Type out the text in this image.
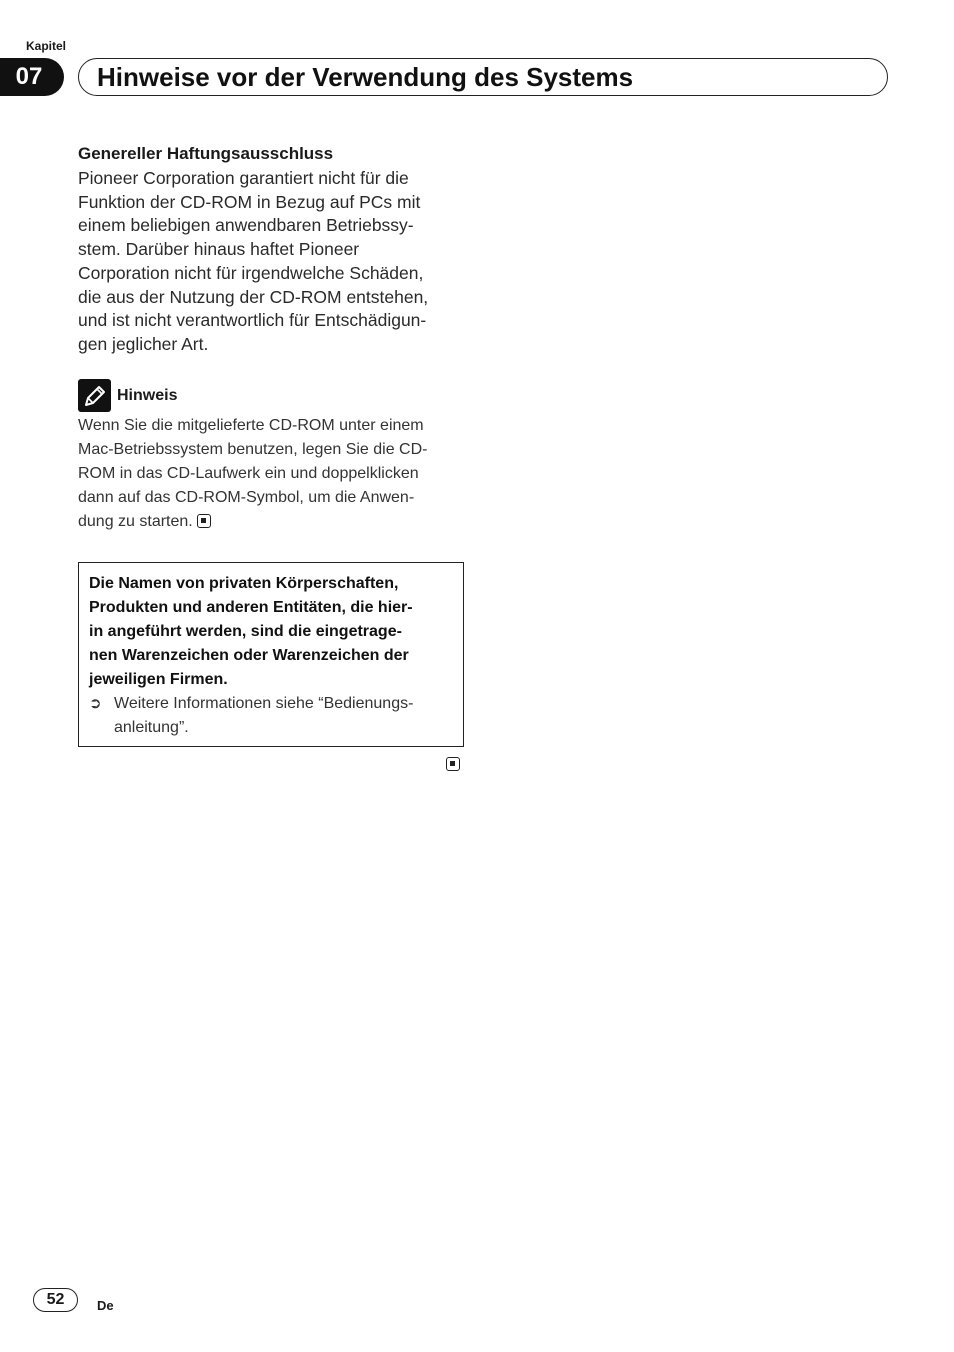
Kapitel
07	Hinweise vor der Verwendung des Systems
Genereller Haftungsausschluss

Pioneer Corporation garantiert nicht für die

Funktion der CD-ROM in Bezug auf PCs mit

einem beliebigen anwendbaren Betriebssy-

stem. Darüber hinaus haftet Pioneer

Corporation nicht für irgendwelche Schäden,

die aus der Nutzung der CD-ROM entstehen,

und ist nicht verantwortlich für Entschädigun-

gen jeglicher Art.

Hinweis
Wenn Sie die mitgelieferte CD-ROM unter einem
Mac-Betriebssystem benutzen, legen Sie die CD-
ROM in das CD-Laufwerk ein und doppelklicken
dann auf das CD-ROM-Symbol, um die Anwen-
dung zu starten.
Die Namen von privaten Körperschaften,
Produkten und anderen Entitäten, die hier-
in angeführt werden, sind die eingetrage-
nen Warenzeichen oder Warenzeichen der
jeweiligen Firmen.
➲ Weitere Informationen siehe “Bedienungs-
anleitung”.
52	De
